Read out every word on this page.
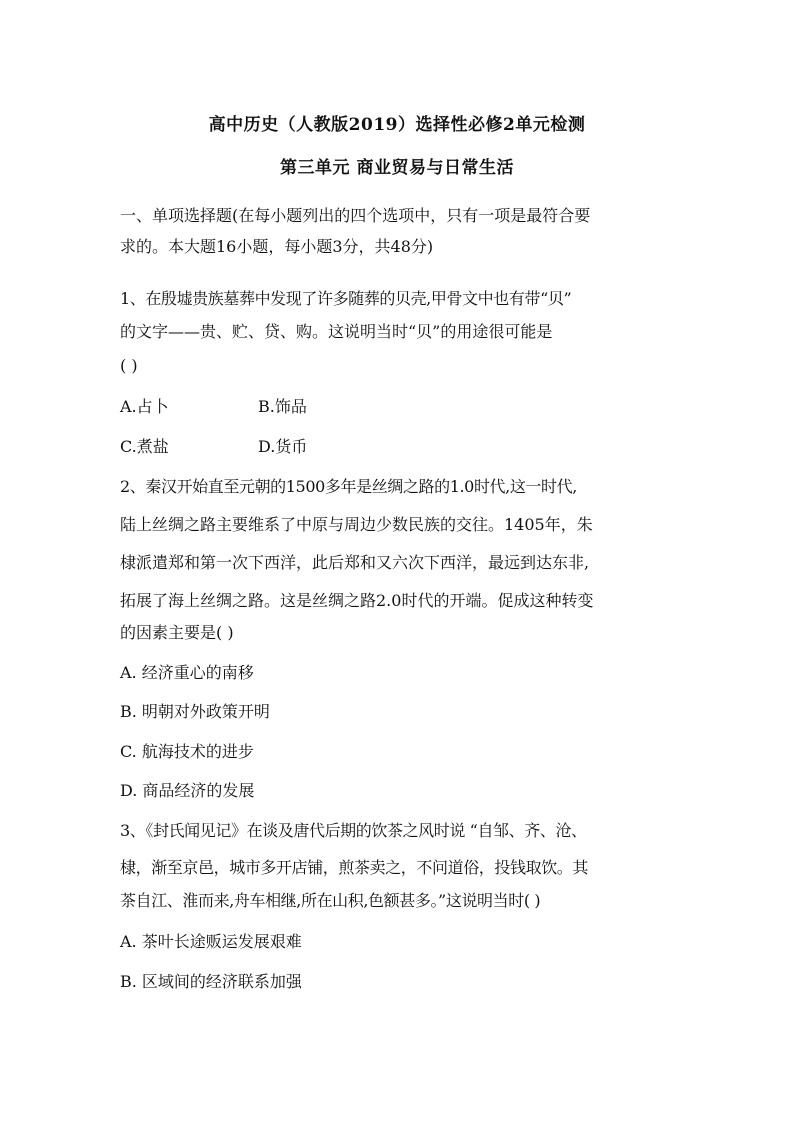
高中历史（人教版2019）选择性必修2单元检测
第三单元 商业贸易与日常生活
一、单项选择题(在每小题列出的四个选项中，只有一项是最符合要
求的。本大题16小题，每小题3分，共48分)
1、在殷墟贵族墓葬中发现了许多随葬的贝壳,甲骨文中也有带“贝”
的文字——贵、贮、贷、购。这说明当时“贝”的用途很可能是
( )
A.占卜	B.饰品
C.煮盐	D.货币
2、秦汉开始直至元朝的1500多年是丝绸之路的1.0时代,这一时代,
陆上丝绸之路主要维系了中原与周边少数民族的交往。1405年，朱
棣派遣郑和第一次下西洋，此后郑和又六次下西洋，最远到达东非,
拓展了海上丝绸之路。这是丝绸之路2.0时代的开端。促成这种转变
的因素主要是( )
A. 经济重心的南移
B. 明朝对外政策开明
C. 航海技术的进步
D. 商品经济的发展
3、《封氏闻见记》在谈及唐代后期的饮茶之风时说 “自邹、齐、沧、
棣，渐至京邑，城市多开店铺，煎茶卖之，不问道俗，投钱取饮。其
茶自江、淮而来,舟车相继,所在山积,色额甚多。”这说明当时( )
A. 茶叶长途贩运发展艰难
B. 区域间的经济联系加强
